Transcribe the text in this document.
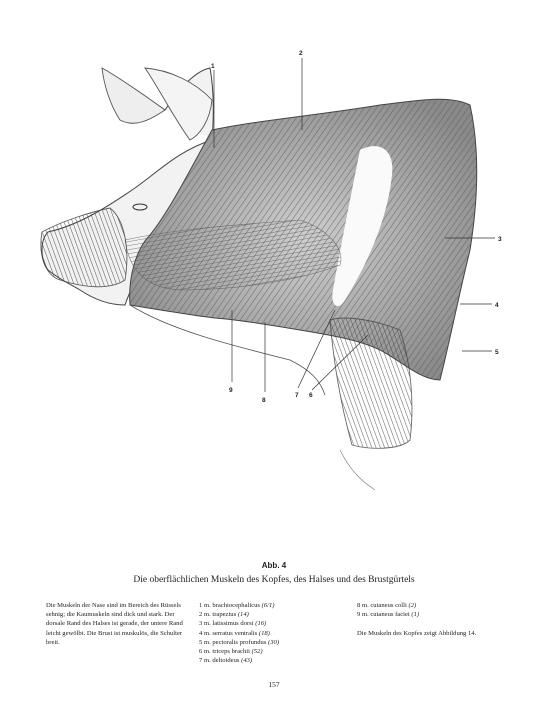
1
2
3
4
5
6
7
8
9
Abb. 4
Die oberflächlichen Muskeln des Kopfes, des Halses und des Brustgürtels
Die Muskeln der Nase sind im Bereich des Rüssels sehnig; die Kaumuskeln sind dick und stark. Der dorsale Rand des Halses ist gerade, der untere Rand leicht gewölbt. Die Brust ist muskulös, die Schulter breit.
1 m. brachiocephalicus (6/1)
2 m. trapezius (14)
3 m. latissimus dorsi (16)
4 m. serratus ventralis (18)
5 m. pectoralis profundus (30)
6 m. triceps brachii (52)
7 m. deltoideus (43)
8 m. cutaneus colli (2)
9 m. cutaneus faciei (1)
Die Muskeln des Kopfes zeigt Abbildung 14.
157
